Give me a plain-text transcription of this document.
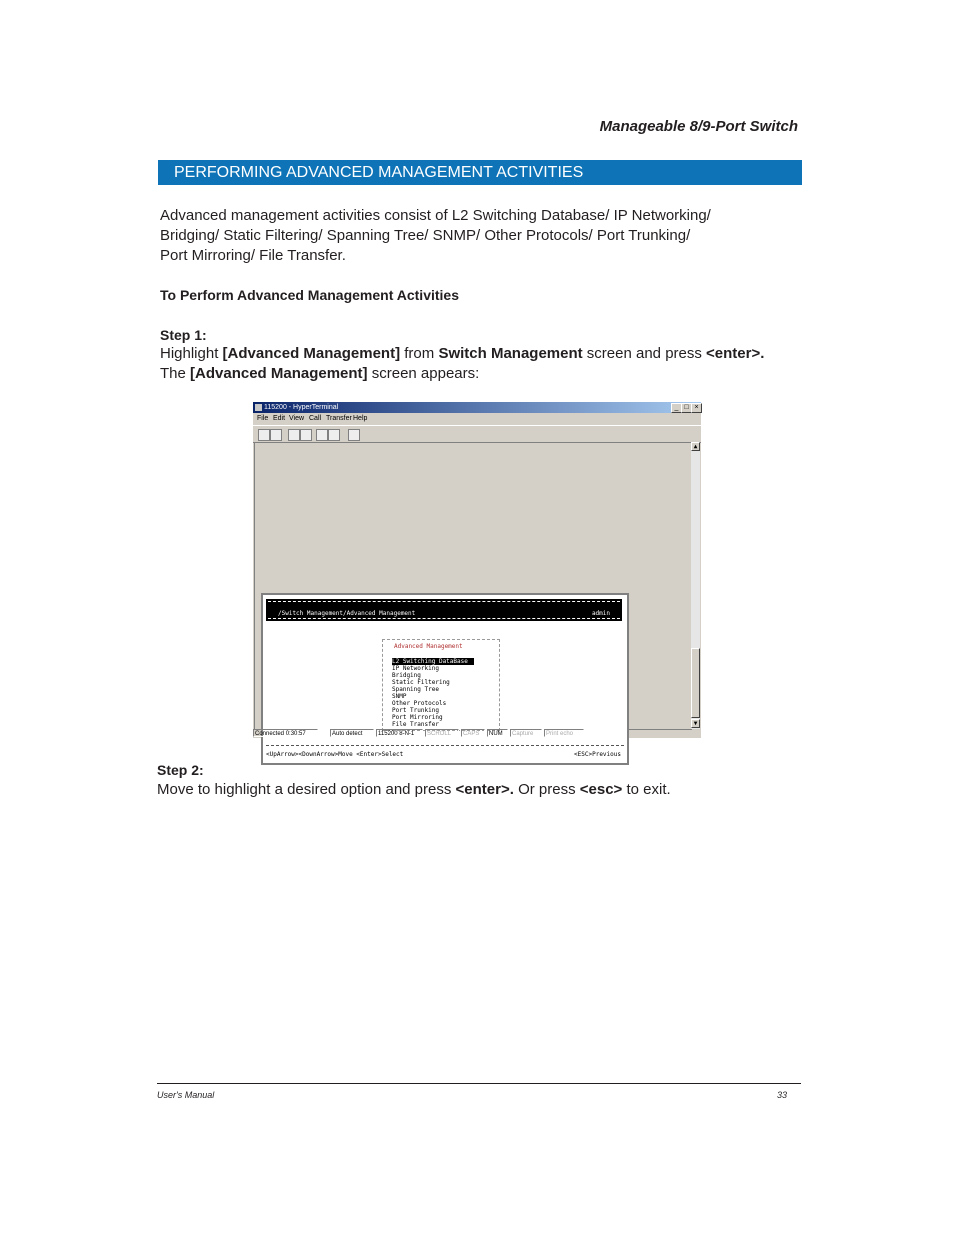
Manageable 8/9-Port Switch
PERFORMING ADVANCED MANAGEMENT ACTIVITIES
Advanced management activities consist of L2 Switching Database/ IP Networking/
Bridging/ Static Filtering/ Spanning Tree/ SNMP/ Other Protocols/ Port Trunking/
Port Mirroring/ File Transfer.
To Perform Advanced Management Activities
Step 1:
Highlight [Advanced Management] from Switch Management screen and press <enter>.
The [Advanced Management] screen appears:
115200 - HyperTerminal	_ □ ×
File Edit View Call Transfer Help
/Switch Management/Advanced Management	admin
Advanced Management
L2 Switching DataBase
IP Networking
Bridging
Static Filtering
Spanning Tree
SNMP
Other Protocols
Port Trunking
Port Mirroring
File Transfer
<UpArrow><DownArrow>Move <Enter>Select	<ESC>Previous
▲
▼
Connected 0:30:57	Auto detect	115200 8-N-1	SCROLL	CAPS	NUM	Capture	Print echo
Step 2:
Move to highlight a desired option and press <enter>. Or press <esc> to exit.
User's Manual	33
